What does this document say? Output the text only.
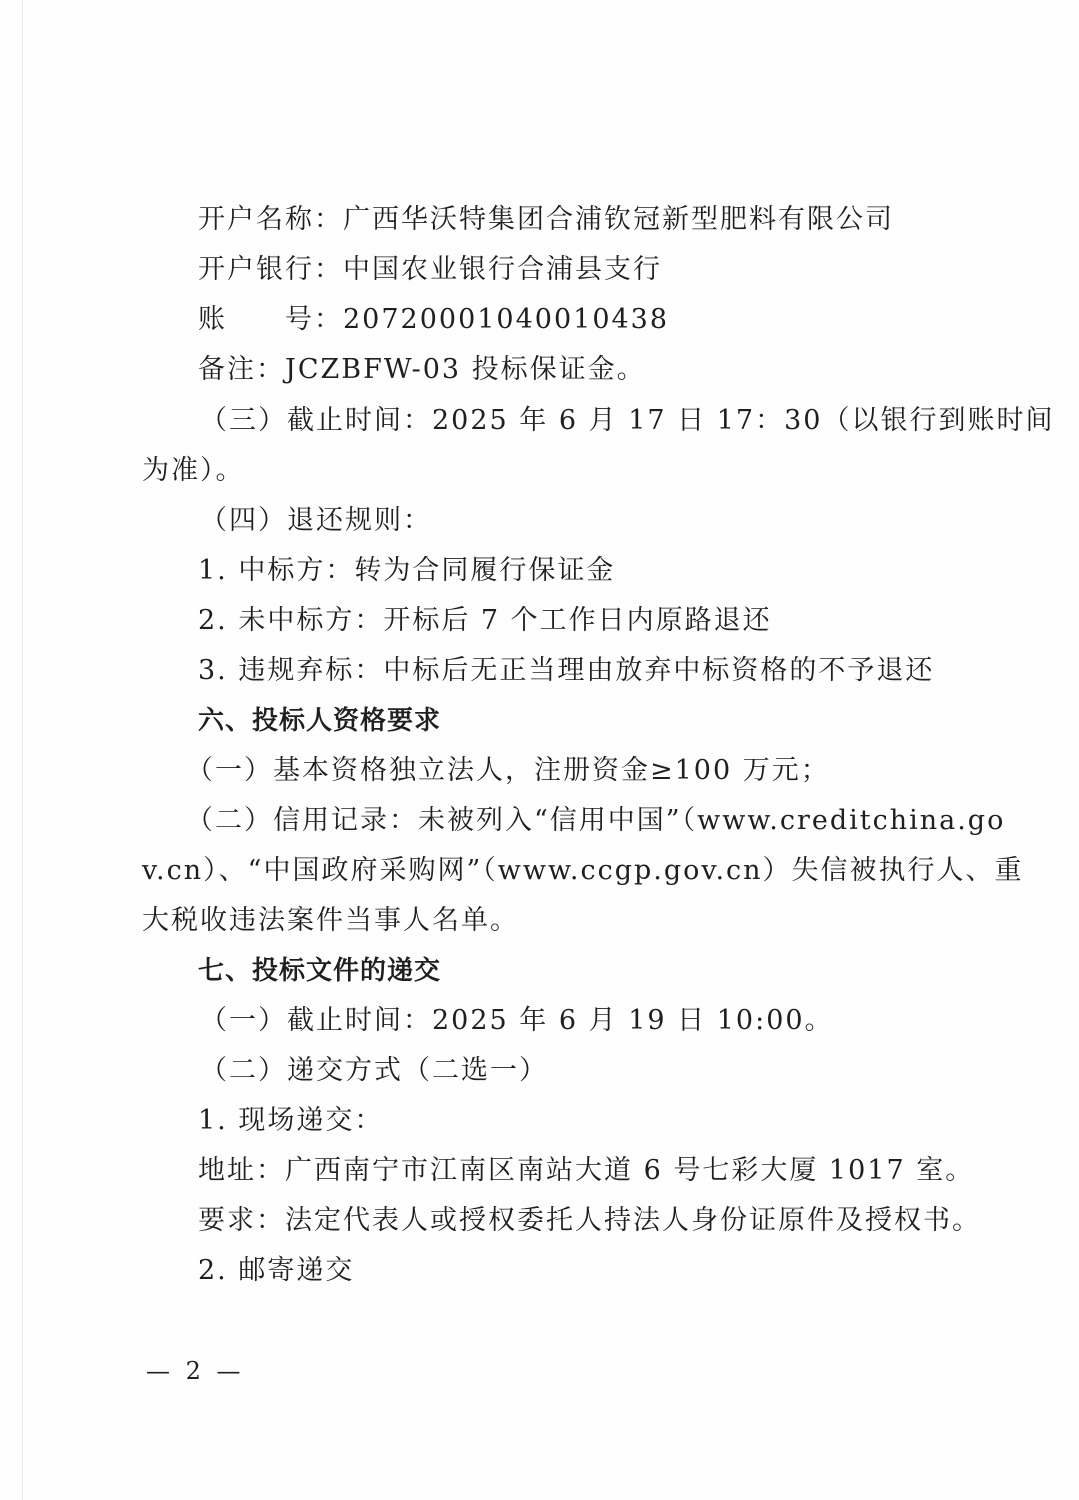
开户名称：广西华沃特集团合浦钦冠新型肥料有限公司
开户银行：中国农业银行合浦县支行
账　　号：20720001040010438
备注：JCZBFW-03 投标保证金。
（三）截止时间：2025 年 6 月 17 日 17：30（以银行到账时间
为准）。
（四）退还规则：
1. 中标方：转为合同履行保证金
2. 未中标方：开标后 7 个工作日内原路退还
3. 违规弃标：中标后无正当理由放弃中标资格的不予退还
六、投标人资格要求
（一）基本资格独立法人，注册资金≥100 万元；
（二）信用记录：未被列入“信用中国”（www.creditchina.go
v.cn）、“中国政府采购网”（www.ccgp.gov.cn）失信被执行人、重
大税收违法案件当事人名单。
七、投标文件的递交
（一）截止时间：2025 年 6 月 19 日 10:00。
（二）递交方式（二选一）
1. 现场递交：
地址：广西南宁市江南区南站大道 6 号七彩大厦 1017 室。
要求：法定代表人或授权委托人持法人身份证原件及授权书。
2. 邮寄递交
— 2 —
